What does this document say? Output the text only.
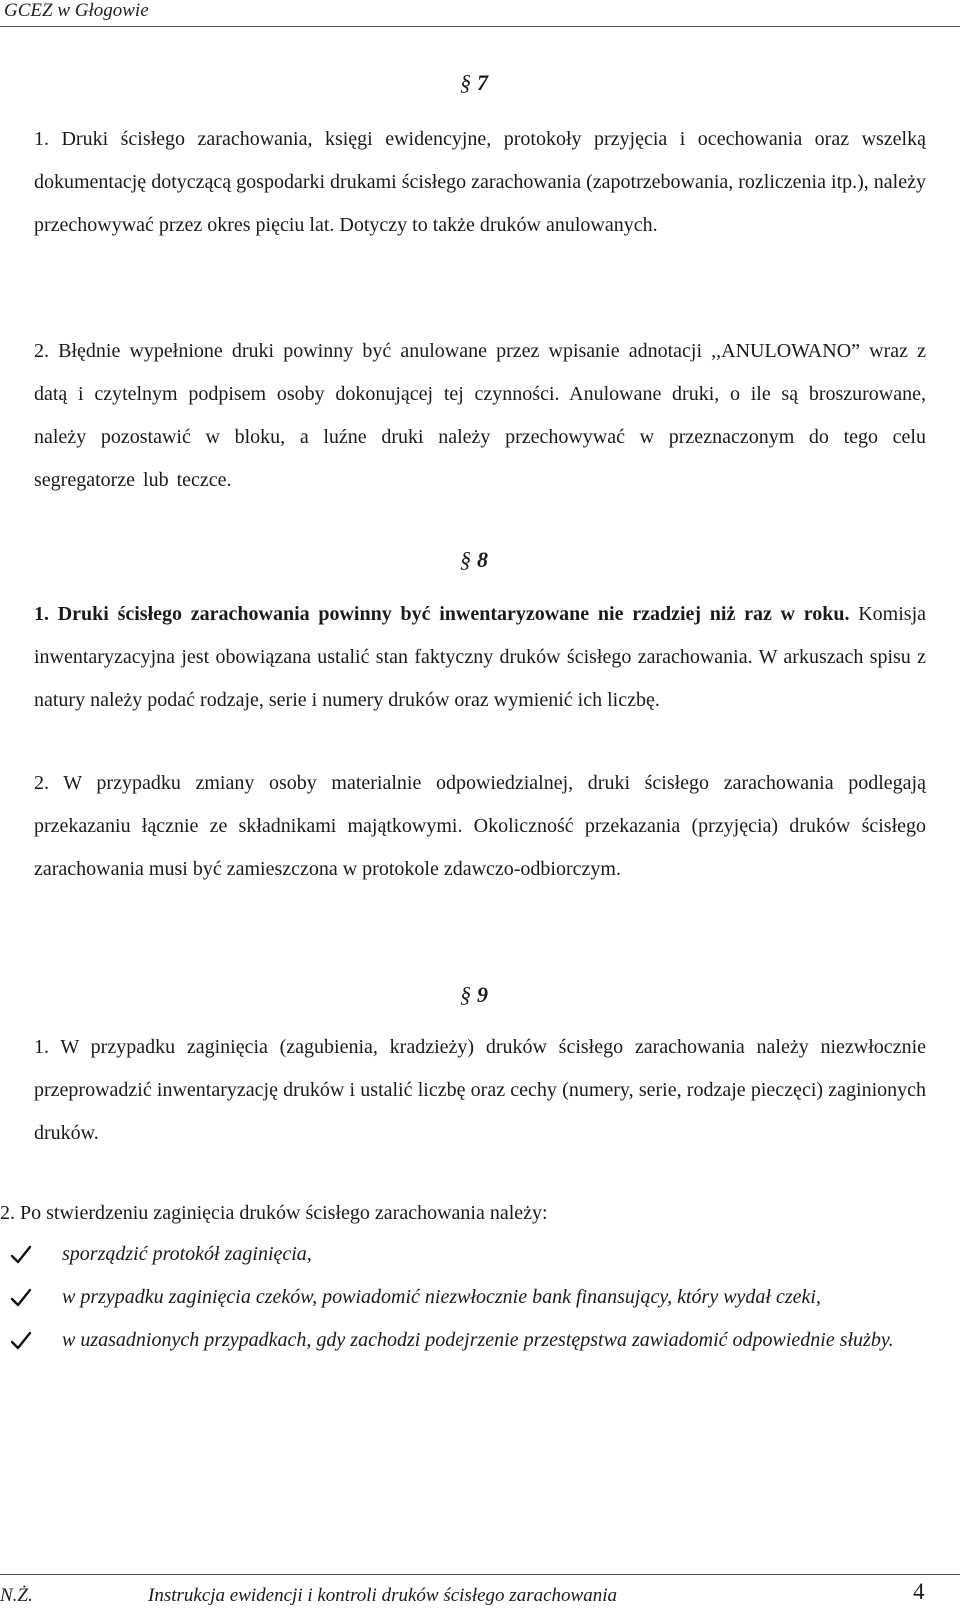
GCEZ w Głogowie
§ 7

1. Druki ścisłego zarachowania, księgi ewidencyjne, protokoły przyjęcia i ocechowania oraz wszelką dokumentację dotyczącą gospodarki drukami ścisłego zarachowania (zapotrzebowania, rozliczenia itp.), należy przechowywać przez okres pięciu lat. Dotyczy to także druków anulowanych.

2. Błędnie wypełnione druki powinny być anulowane przez wpisanie adnotacji ,,ANULOWANO” wraz z datą i czytelnym podpisem osoby dokonującej tej czynności. Anulowane druki, o ile są broszurowane, należy pozostawić w bloku, a luźne druki należy przechowywać w przeznaczonym do tego celu segregatorze lub teczce.

§ 8

1. Druki ścisłego zarachowania powinny być inwentaryzowane nie rzadziej niż raz w roku. Komisja inwentaryzacyjna jest obowiązana ustalić stan faktyczny druków ścisłego zarachowania. W arkuszach spisu z natury należy podać rodzaje, serie i numery druków oraz wymienić ich liczbę.

2. W przypadku zmiany osoby materialnie odpowiedzialnej, druki ścisłego zarachowania podlegają przekazaniu łącznie ze składnikami majątkowymi. Okoliczność przekazania (przyjęcia) druków ścisłego zarachowania musi być zamieszczona w protokole zdawczo-odbiorczym.

§ 9

1. W przypadku zaginięcia (zagubienia, kradzieży) druków ścisłego zarachowania należy niezwłocznie przeprowadzić inwentaryzację druków i ustalić liczbę oraz cechy (numery, serie, rodzaje pieczęci) zaginionych druków.

2. Po stwierdzeniu zaginięcia druków ścisłego zarachowania należy:

sporządzić protokół zaginięcia,
w przypadku zaginięcia czeków, powiadomić niezwłocznie bank finansujący, który wydał czeki,
w uzasadnionych przypadkach, gdy zachodzi podejrzenie przestępstwa zawiadomić odpowiednie służby.
N.Ż.	Instrukcja ewidencji i kontroli druków ścisłego zarachowania	4
